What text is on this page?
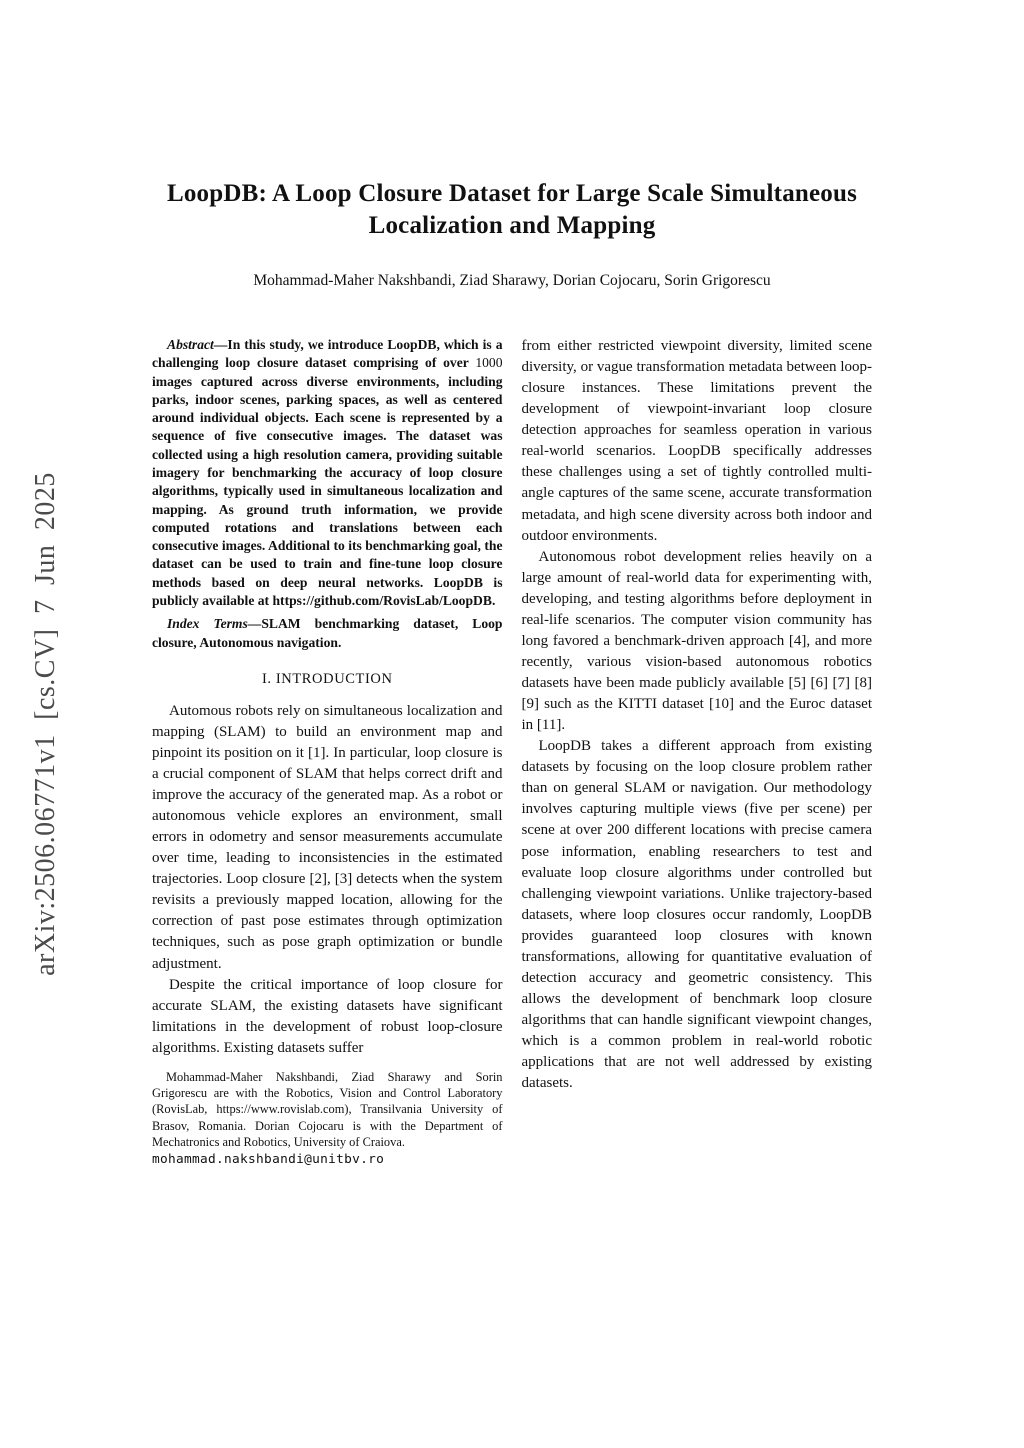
arXiv:2506.06771v1 [cs.CV] 7 Jun 2025
LoopDB: A Loop Closure Dataset for Large Scale Simultaneous Localization and Mapping
Mohammad-Maher Nakshbandi, Ziad Sharawy, Dorian Cojocaru, Sorin Grigorescu

Abstract—In this study, we introduce LoopDB, which is a challenging loop closure dataset comprising of over 1000 images captured across diverse environments, including parks, indoor scenes, parking spaces, as well as centered around individual objects. Each scene is represented by a sequence of five consecutive images. The dataset was collected using a high resolution camera, providing suitable imagery for benchmarking the accuracy of loop closure algorithms, typically used in simultaneous localization and mapping. As ground truth information, we provide computed rotations and translations between each consecutive images. Additional to its benchmarking goal, the dataset can be used to train and fine-tune loop closure methods based on deep neural networks. LoopDB is publicly available at https://github.com/RovisLab/LoopDB.

Index Terms—SLAM benchmarking dataset, Loop closure, Autonomous navigation.

I. INTRODUCTION

Automous robots rely on simultaneous localization and mapping (SLAM) to build an environment map and pinpoint its position on it [1]. In particular, loop closure is a crucial component of SLAM that helps correct drift and improve the accuracy of the generated map. As a robot or autonomous vehicle explores an environment, small errors in odometry and sensor measurements accumulate over time, leading to inconsistencies in the estimated trajectories. Loop closure [2], [3] detects when the system revisits a previously mapped location, allowing for the correction of past pose estimates through optimization techniques, such as pose graph optimization or bundle adjustment.

Despite the critical importance of loop closure for accurate SLAM, the existing datasets have significant limitations in the development of robust loop-closure algorithms. Existing datasets suffer

Mohammad-Maher Nakshbandi, Ziad Sharawy and Sorin Grigorescu are with the Robotics, Vision and Control Laboratory (RovisLab, https://www.rovislab.com), Transilvania University of Brasov, Romania. Dorian Cojocaru is with the Department of Mechatronics and Robotics, University of Craiova.

mohammad.nakshbandi@unitbv.ro

from either restricted viewpoint diversity, limited scene diversity, or vague transformation metadata between loop-closure instances. These limitations prevent the development of viewpoint-invariant loop closure detection approaches for seamless operation in various real-world scenarios. LoopDB specifically addresses these challenges using a set of tightly controlled multi-angle captures of the same scene, accurate transformation metadata, and high scene diversity across both indoor and outdoor environments.

Autonomous robot development relies heavily on a large amount of real-world data for experimenting with, developing, and testing algorithms before deployment in real-life scenarios. The computer vision community has long favored a benchmark-driven approach [4], and more recently, various vision-based autonomous robotics datasets have been made publicly available [5] [6] [7] [8] [9] such as the KITTI dataset [10] and the Euroc dataset in [11].

LoopDB takes a different approach from existing datasets by focusing on the loop closure problem rather than on general SLAM or navigation. Our methodology involves capturing multiple views (five per scene) per scene at over 200 different locations with precise camera pose information, enabling researchers to test and evaluate loop closure algorithms under controlled but challenging viewpoint variations. Unlike trajectory-based datasets, where loop closures occur randomly, LoopDB provides guaranteed loop closures with known transformations, allowing for quantitative evaluation of detection accuracy and geometric consistency. This allows the development of benchmark loop closure algorithms that can handle significant viewpoint changes, which is a common problem in real-world robotic applications that are not well addressed by existing datasets.
